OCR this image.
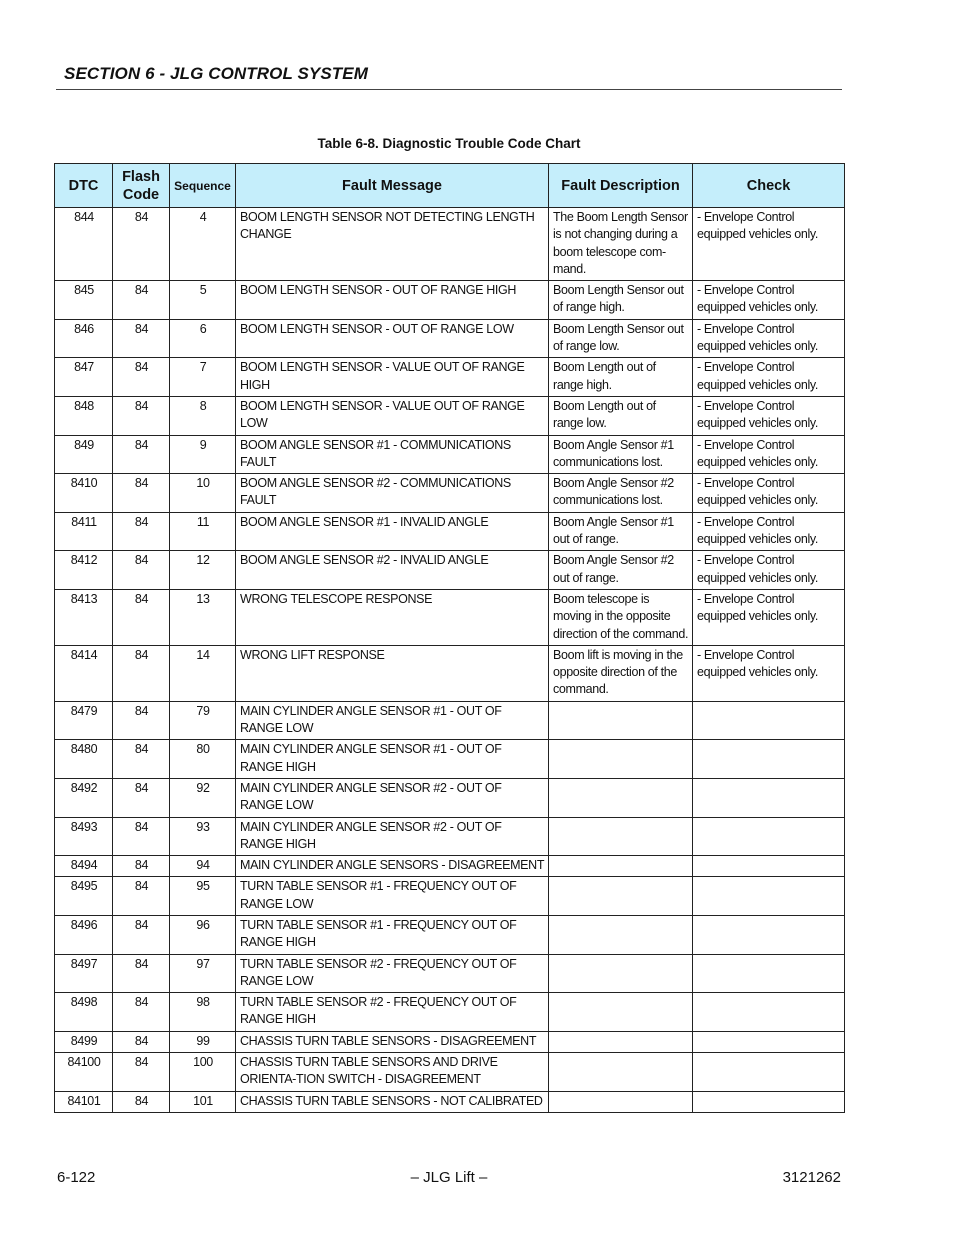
SECTION 6 - JLG CONTROL SYSTEM
Table 6-8. Diagnostic Trouble Code Chart
DTC	Flash Code	Sequence	Fault Message	Fault Description	Check
844	84	4	BOOM LENGTH SENSOR NOT DETECTING LENGTH CHANGE	The Boom Length Sensor is not changing during a boom telescope com-mand.	- Envelope Control equipped vehicles only.
845	84	5	BOOM LENGTH SENSOR - OUT OF RANGE HIGH	Boom Length Sensor out of range high.	- Envelope Control equipped vehicles only.
846	84	6	BOOM LENGTH SENSOR - OUT OF RANGE LOW	Boom Length Sensor out of range low.	- Envelope Control equipped vehicles only.
847	84	7	BOOM LENGTH SENSOR - VALUE OUT OF RANGE HIGH	Boom Length out of range high.	- Envelope Control equipped vehicles only.
848	84	8	BOOM LENGTH SENSOR - VALUE OUT OF RANGE LOW	Boom Length out of range low.	- Envelope Control equipped vehicles only.
849	84	9	BOOM ANGLE SENSOR #1 - COMMUNICATIONS FAULT	Boom Angle Sensor #1 communications lost.	- Envelope Control equipped vehicles only.
8410	84	10	BOOM ANGLE SENSOR #2 - COMMUNICATIONS FAULT	Boom Angle Sensor #2 communications lost.	- Envelope Control equipped vehicles only.
8411	84	11	BOOM ANGLE SENSOR #1 - INVALID ANGLE	Boom Angle Sensor #1 out of range.	- Envelope Control equipped vehicles only.
8412	84	12	BOOM ANGLE SENSOR #2 - INVALID ANGLE	Boom Angle Sensor #2 out of range.	- Envelope Control equipped vehicles only.
8413	84	13	WRONG TELESCOPE RESPONSE	Boom telescope is moving in the opposite direction of the command.	- Envelope Control equipped vehicles only.
8414	84	14	WRONG LIFT RESPONSE	Boom lift is moving in the opposite direction of the command.	- Envelope Control equipped vehicles only.
8479	84	79	MAIN CYLINDER ANGLE SENSOR #1 - OUT OF RANGE LOW		
8480	84	80	MAIN CYLINDER ANGLE SENSOR #1 - OUT OF RANGE HIGH		
8492	84	92	MAIN CYLINDER ANGLE SENSOR #2 - OUT OF RANGE LOW		
8493	84	93	MAIN CYLINDER ANGLE SENSOR #2 - OUT OF RANGE HIGH		
8494	84	94	MAIN CYLINDER ANGLE SENSORS - DISAGREEMENT		
8495	84	95	TURN TABLE SENSOR #1 - FREQUENCY OUT OF RANGE LOW		
8496	84	96	TURN TABLE SENSOR #1 - FREQUENCY OUT OF RANGE HIGH		
8497	84	97	TURN TABLE SENSOR #2 - FREQUENCY OUT OF RANGE LOW		
8498	84	98	TURN TABLE SENSOR #2 - FREQUENCY OUT OF RANGE HIGH		
8499	84	99	CHASSIS TURN TABLE SENSORS - DISAGREEMENT		
84100	84	100	CHASSIS TURN TABLE SENSORS AND DRIVE ORIENTA-TION SWITCH - DISAGREEMENT		
84101	84	101	CHASSIS TURN TABLE SENSORS - NOT CALIBRATED		
6-122	– JLG Lift –	3121262
